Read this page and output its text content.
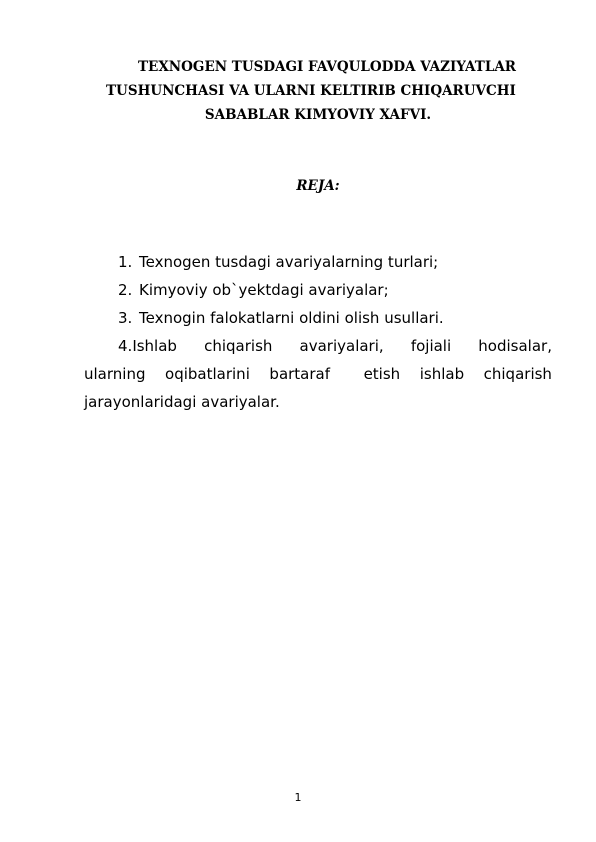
TEXNOGEN TUSDAGI FAVQULODDA VAZIYATLAR
TUSHUNCHASI VA ULARNI KELTIRIB CHIQARUVCHI
SABABLAR KIMYOVIY XAFVI.
REJA:
1. Texnogen tusdagi avariyalarning turlari;
2. Kimyoviy ob`yektdagi avariyalar;
3. Texnogin falokatlarni oldini olish usullari.
4.Ishlab chiqarish avariyalari, fojiali hodisalar,
ularning oqibatlarini bartaraf etish ishlab chiqarish
jarayonlaridagi avariyalar.
1
